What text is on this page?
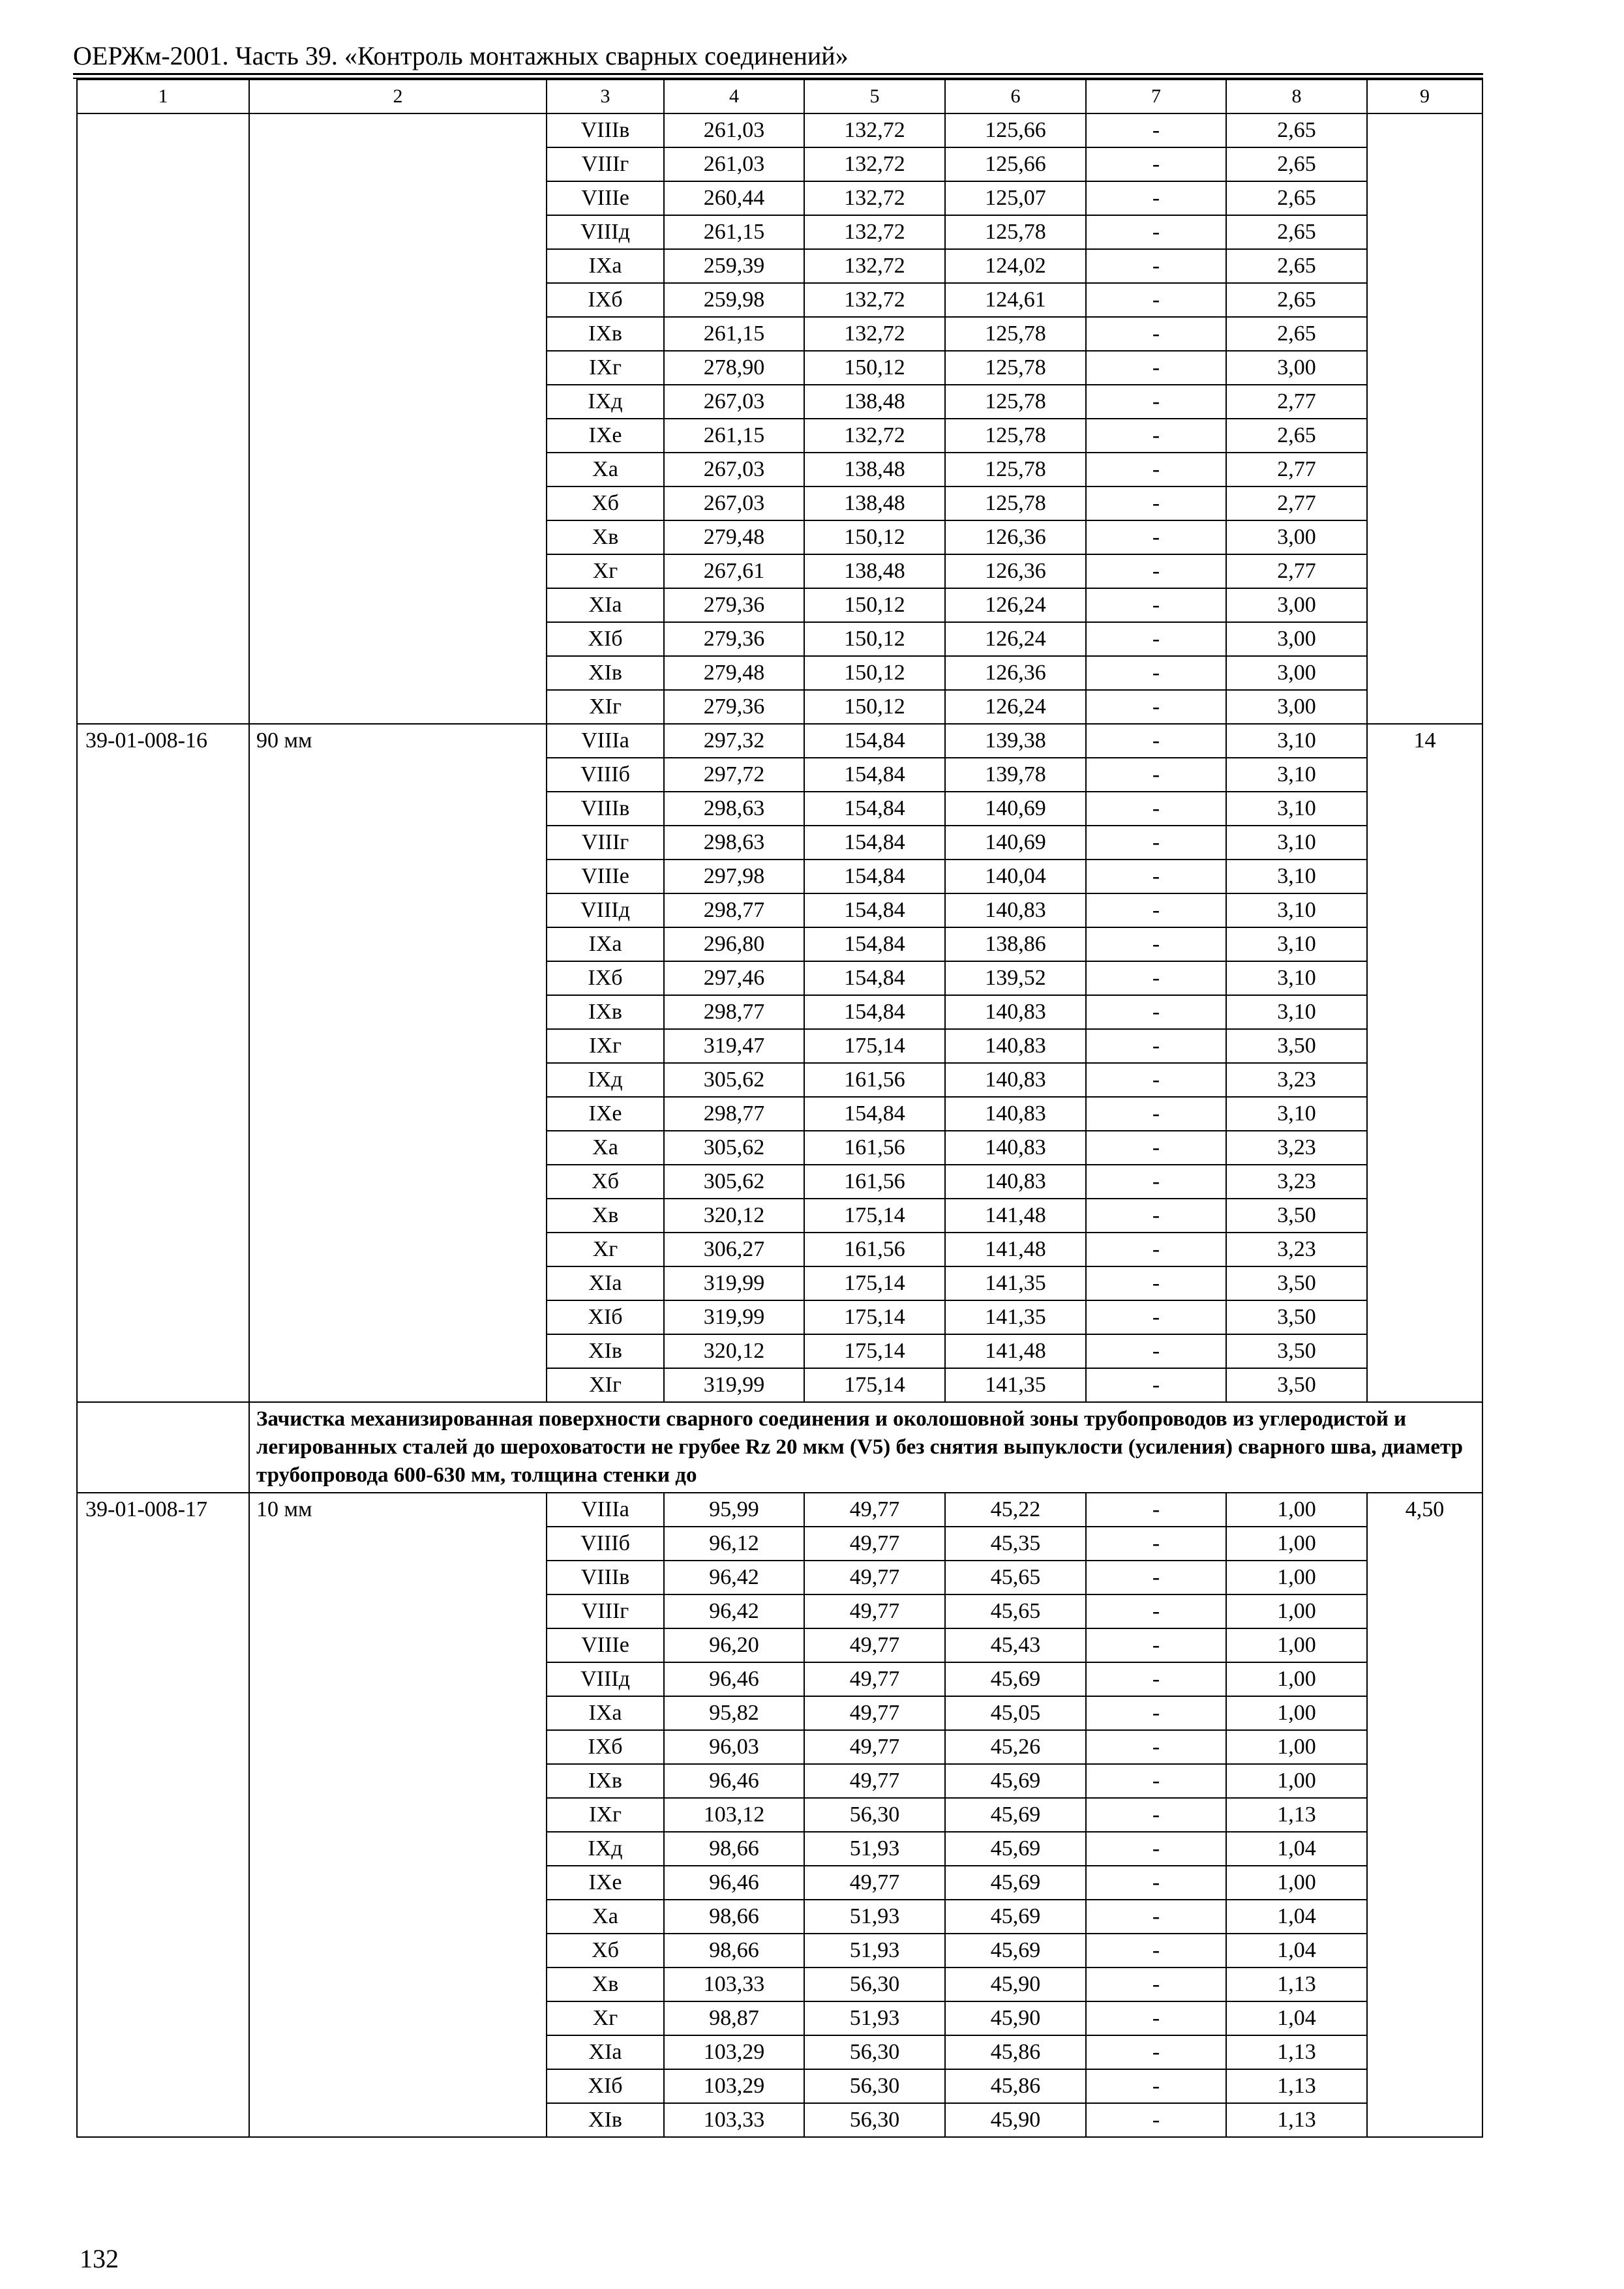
ОЕРЖм-2001. Часть 39. «Контроль монтажных сварных соединений»
1	2	3	4	5	6	7	8	9
		VIIIв	261,03	132,72	125,66	-	2,65	
		VIIIг	261,03	132,72	125,66	-	2,65	
		VIIIе	260,44	132,72	125,07	-	2,65	
		VIIIд	261,15	132,72	125,78	-	2,65	
		IXа	259,39	132,72	124,02	-	2,65	
		IXб	259,98	132,72	124,61	-	2,65	
		IXв	261,15	132,72	125,78	-	2,65	
		IXг	278,90	150,12	125,78	-	3,00	
		IXд	267,03	138,48	125,78	-	2,77	
		IXе	261,15	132,72	125,78	-	2,65	
		Xа	267,03	138,48	125,78	-	2,77	
		Xб	267,03	138,48	125,78	-	2,77	
		Xв	279,48	150,12	126,36	-	3,00	
		Xг	267,61	138,48	126,36	-	2,77	
		XIа	279,36	150,12	126,24	-	3,00	
		XIб	279,36	150,12	126,24	-	3,00	
		XIв	279,48	150,12	126,36	-	3,00	
		XIг	279,36	150,12	126,24	-	3,00	
39-01-008-16	90 мм	VIIIа	297,32	154,84	139,38	-	3,10	14
		VIIIб	297,72	154,84	139,78	-	3,10	
		VIIIв	298,63	154,84	140,69	-	3,10	
		VIIIг	298,63	154,84	140,69	-	3,10	
		VIIIе	297,98	154,84	140,04	-	3,10	
		VIIIд	298,77	154,84	140,83	-	3,10	
		IXа	296,80	154,84	138,86	-	3,10	
		IXб	297,46	154,84	139,52	-	3,10	
		IXв	298,77	154,84	140,83	-	3,10	
		IXг	319,47	175,14	140,83	-	3,50	
		IXд	305,62	161,56	140,83	-	3,23	
		IXе	298,77	154,84	140,83	-	3,10	
		Xа	305,62	161,56	140,83	-	3,23	
		Xб	305,62	161,56	140,83	-	3,23	
		Xв	320,12	175,14	141,48	-	3,50	
		Xг	306,27	161,56	141,48	-	3,23	
		XIа	319,99	175,14	141,35	-	3,50	
		XIб	319,99	175,14	141,35	-	3,50	
		XIв	320,12	175,14	141,48	-	3,50	
		XIг	319,99	175,14	141,35	-	3,50	
	Зачистка механизированная поверхности сварного соединения и околошовной зоны трубопроводов из углеродистой и легированных сталей до шероховатости не грубее Rz 20 мкм (V5) без снятия выпуклости (усиления) сварного шва, диаметр трубопровода 600-630 мм, толщина стенки до							
39-01-008-17	10 мм	VIIIа	95,99	49,77	45,22	-	1,00	4,50
		VIIIб	96,12	49,77	45,35	-	1,00	
		VIIIв	96,42	49,77	45,65	-	1,00	
		VIIIг	96,42	49,77	45,65	-	1,00	
		VIIIе	96,20	49,77	45,43	-	1,00	
		VIIIд	96,46	49,77	45,69	-	1,00	
		IXа	95,82	49,77	45,05	-	1,00	
		IXб	96,03	49,77	45,26	-	1,00	
		IXв	96,46	49,77	45,69	-	1,00	
		IXг	103,12	56,30	45,69	-	1,13	
		IXд	98,66	51,93	45,69	-	1,04	
		IXе	96,46	49,77	45,69	-	1,00	
		Xа	98,66	51,93	45,69	-	1,04	
		Xб	98,66	51,93	45,69	-	1,04	
		Xв	103,33	56,30	45,90	-	1,13	
		Xг	98,87	51,93	45,90	-	1,04	
		XIа	103,29	56,30	45,86	-	1,13	
		XIб	103,29	56,30	45,86	-	1,13	
		XIв	103,33	56,30	45,90	-	1,13	
132
